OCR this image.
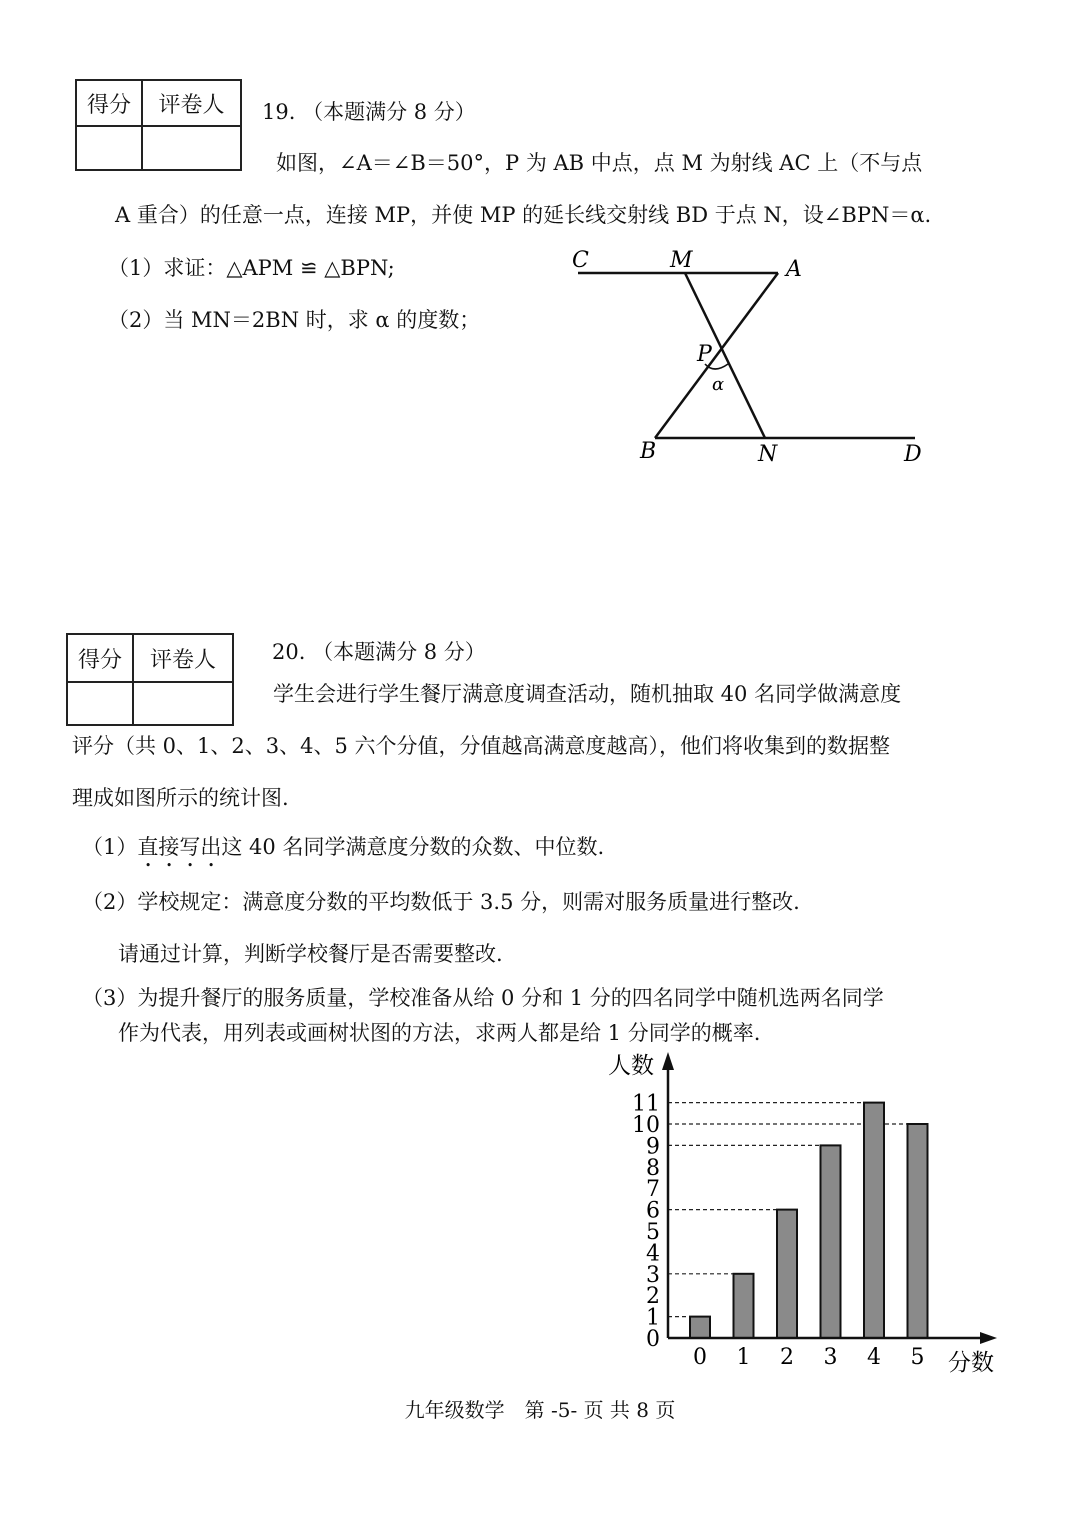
得分	评卷人
	19. （本题满分 8 分）
如图，∠A＝∠B＝50°，P 为 AB 中点，点 M 为射线 AC 上（不与点
A 重合）的任意一点，连接 MP，并使 MP 的延长线交射线 BD 于点 N，设∠BPN＝α.
（1）求证：△APM ≌ △BPN;
（2）当 MN＝2BN 时，求 α 的度数；
C	M	A
P
α
B	N	D
得分	评卷人
		20. （本题满分 8 分）
学生会进行学生餐厅满意度调查活动，随机抽取 40 名同学做满意度
评分（共 0、1、2、3、4、5 六个分值，分值越高满意度越高），他们将收集到的数据整
理成如图所示的统计图.
（1）直接写出这 40 名同学满意度分数的众数、中位数.
（2）学校规定：满意度分数的平均数低于 3.5 分，则需对服务质量进行整改.
请通过计算，判断学校餐厅是否需要整改.
（3）为提升餐厅的服务质量，学校准备从给 0 分和 1 分的四名同学中随机选两名同学
作为代表，用列表或画树状图的方法，求两人都是给 1 分同学的概率.
0
1
2
3
4
5
6
7
8
9
10
11
0 1 2 3 4 5
人数
分数
九年级数学　第 -5- 页 共 8 页
